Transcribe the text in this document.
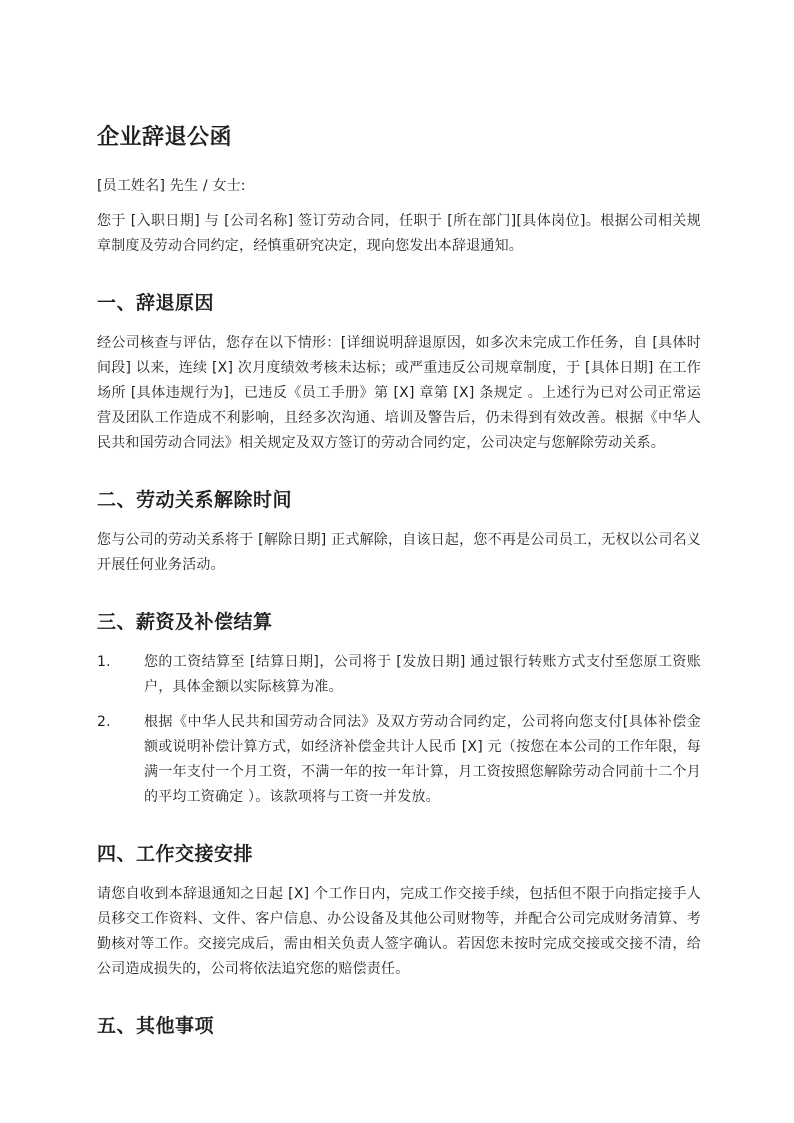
企业辞退公函

[员工姓名] 先生 / 女士:

您于 [入职日期] 与 [公司名称] 签订劳动合同，任职于 [所在部门][具体岗位]。根据公司相关规章制度及劳动合同约定，经慎重研究决定，现向您发出本辞退通知。

一、辞退原因

经公司核查与评估，您存在以下情形：[详细说明辞退原因，如多次未完成工作任务，自 [具体时间段] 以来，连续 [X] 次月度绩效考核未达标；或严重违反公司规章制度，于 [具体日期] 在工作场所 [具体违规行为]，已违反《员工手册》第 [X] 章第 [X] 条规定 。上述行为已对公司正常运营及团队工作造成不利影响，且经多次沟通、培训及警告后，仍未得到有效改善。根据《中华人民共和国劳动合同法》相关规定及双方签订的劳动合同约定，公司决定与您解除劳动关系。

二、劳动关系解除时间

您与公司的劳动关系将于 [解除日期] 正式解除，自该日起，您不再是公司员工，无权以公司名义开展任何业务活动。

三、薪资及补偿结算
1.	您的工资结算至 [结算日期]，公司将于 [发放日期] 通过银行转账方式支付至您原工资账户，具体金额以实际核算为准。
2.	根据《中华人民共和国劳动合同法》及双方劳动合同约定，公司将向您支付[具体补偿金额或说明补偿计算方式，如经济补偿金共计人民币 [X] 元（按您在本公司的工作年限，每满一年支付一个月工资，不满一年的按一年计算，月工资按照您解除劳动合同前十二个月的平均工资确定 ）。该款项将与工资一并发放。
四、工作交接安排

请您自收到本辞退通知之日起 [X] 个工作日内，完成工作交接手续，包括但不限于向指定接手人员移交工作资料、文件、客户信息、办公设备及其他公司财物等，并配合公司完成财务清算、考勤核对等工作。交接完成后，需由相关负责人签字确认。若因您未按时完成交接或交接不清，给公司造成损失的，公司将依法追究您的赔偿责任。

五、其他事项
